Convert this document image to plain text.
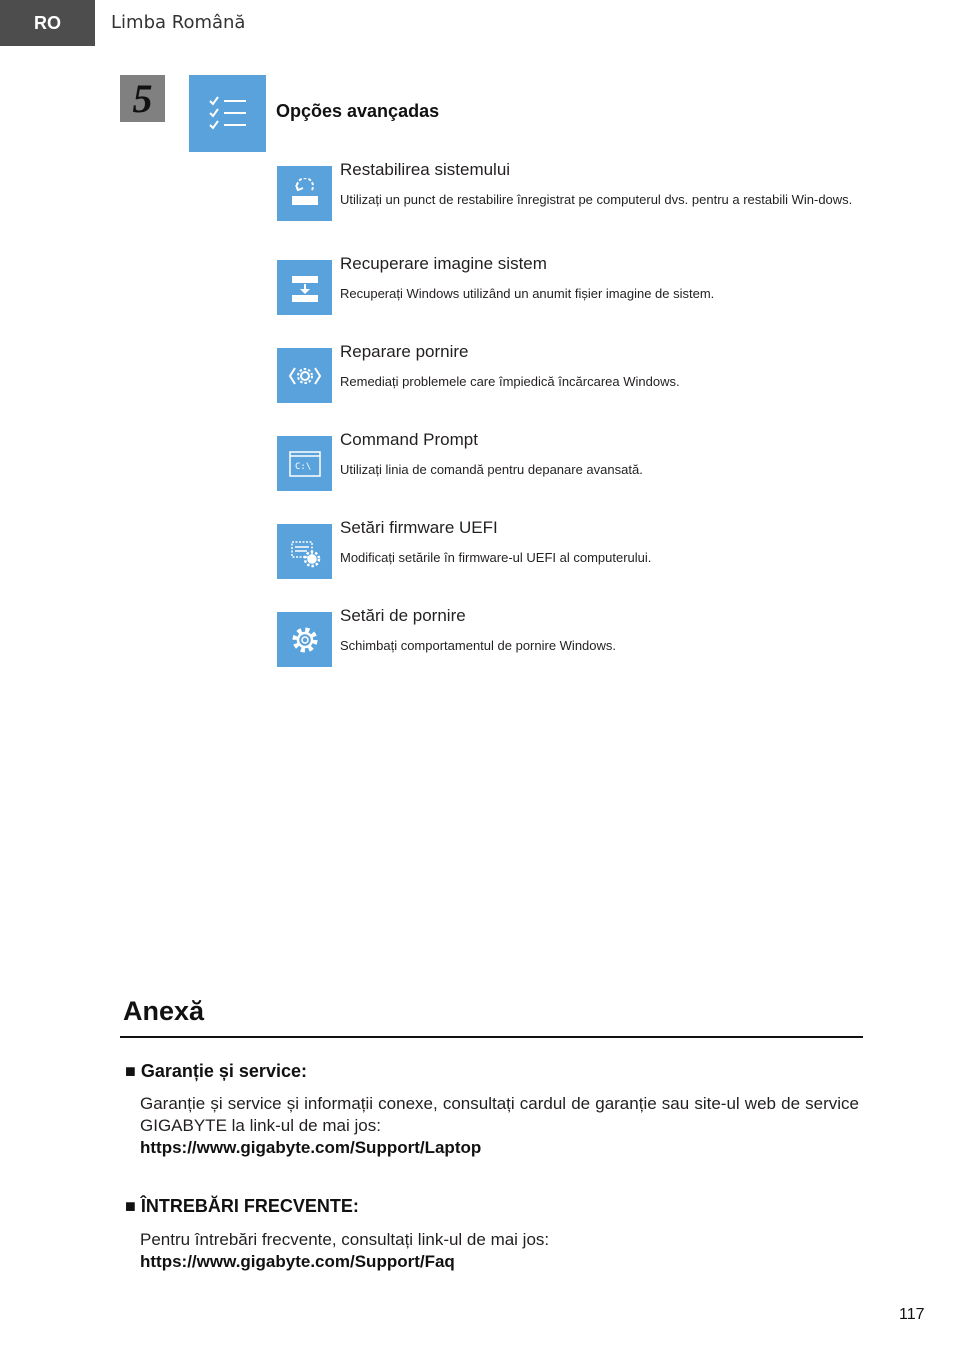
RO	Limba Română
5	Opções avançadas
Restabilirea sistemului
Utilizați un punct de restabilire înregistrat pe computerul dvs. pentru a restabili Win-dows.
Recuperare imagine sistem
Recuperați Windows utilizând un anumit fișier imagine de sistem.
Reparare pornire
Remediați problemele care împiedică încărcarea Windows.
C:\
Command Prompt
Utilizați linia de comandă pentru depanare avansată.
Setări firmware UEFI
Modificați setările în firmware-ul UEFI al computerului.
Setări de pornire
Schimbați comportamentul de pornire Windows.
Anexă
■ Garanție și service:
Garanție și service și informații conexe, consultați cardul de garanție sau site-ul web de service GIGABYTE la link-ul de mai jos:
https://www.gigabyte.com/Support/Laptop
■ ÎNTREBĂRI FRECVENTE:
Pentru întrebări frecvente, consultați link-ul de mai jos:
https://www.gigabyte.com/Support/Faq
117
